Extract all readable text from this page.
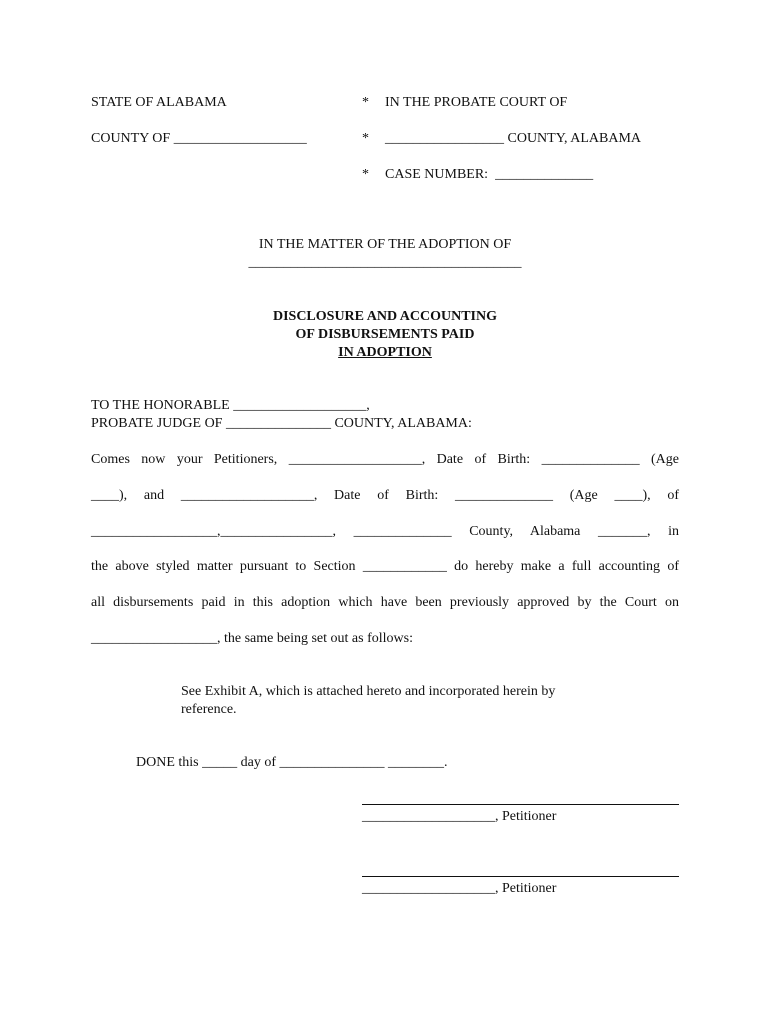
STATE OF ALABAMA
COUNTY OF ___________________
*
*
*
IN THE PROBATE COURT OF
_________________ COUNTY, ALABAMA
CASE NUMBER:  ______________
IN THE MATTER OF THE ADOPTION OF
_______________________________________
DISCLOSURE AND ACCOUNTING
OF DISBURSEMENTS PAID
IN ADOPTION
TO THE HONORABLE ___________________,
PROBATE JUDGE OF _______________ COUNTY, ALABAMA:
Comes now your Petitioners, ___________________, Date of Birth: ______________ (Age
____), and ___________________, Date of Birth: ______________ (Age ____), of
__________________,________________, ______________ County, Alabama _______, in
the above styled matter pursuant to Section ____________ do hereby make a full accounting of
all disbursements paid in this adoption which have been previously approved by the Court on
__________________, the same being set out as follows:
See Exhibit A, which is attached hereto and incorporated herein by
reference.
DONE this _____ day of _______________ ________.
___________________, Petitioner
___________________, Petitioner
